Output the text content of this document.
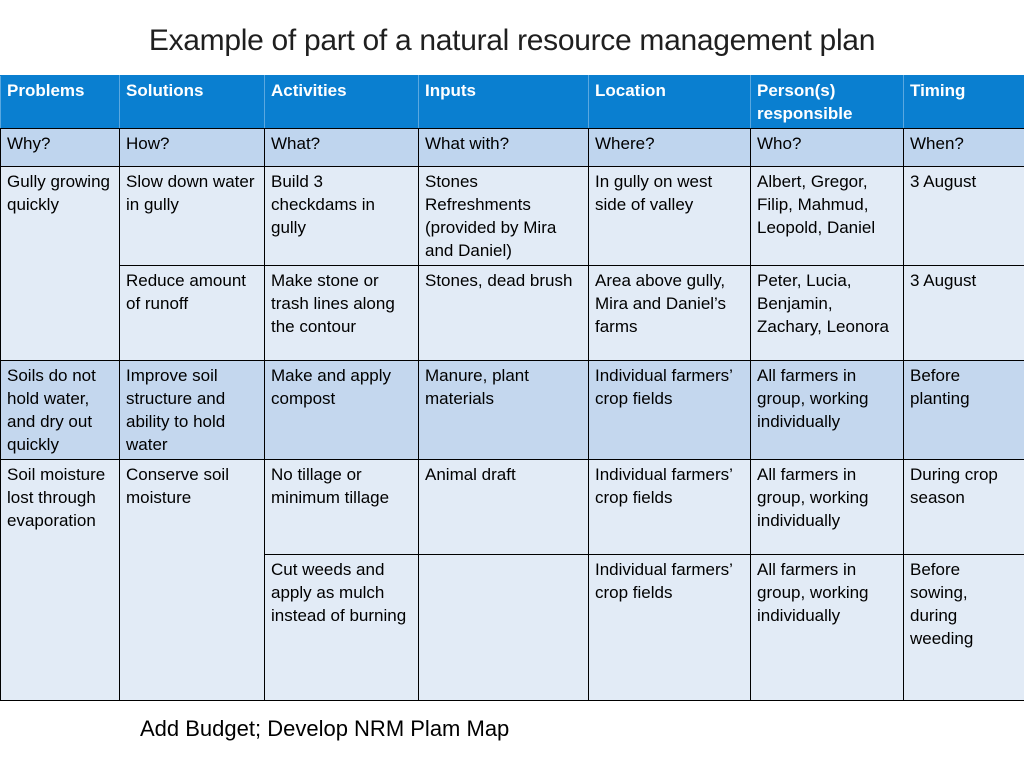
Example of part of a natural resource management plan
Problems	Solutions	Activities	Inputs	Location	Person(s) responsible	Timing
Why?	How?	What?	What with?	Where?	Who?	When?
Gully growing quickly	Slow down water in gully	Build 3 checkdams in gully	Stones Refreshments (provided by Mira and Daniel)	In gully on west side of valley	Albert, Gregor, Filip, Mahmud, Leopold, Daniel	3 August
	Reduce amount of runoff	Make stone or trash lines along the contour	Stones, dead brush	Area above gully, Mira and Daniel’s farms	Peter, Lucia, Benjamin, Zachary, Leonora	3 August
Soils do not hold water, and dry out quickly	Improve soil structure and ability to hold water	Make and apply compost	Manure, plant materials	Individual farmers’ crop fields	All farmers in group, working individually	Before planting
Soil moisture lost through evaporation	Conserve soil moisture	No tillage or minimum tillage	Animal draft	Individual farmers’ crop fields	All farmers in group, working individually	During crop season
		Cut weeds and apply as mulch instead of burning		Individual farmers’ crop fields	All farmers in group, working individually	Before sowing, during weeding
Add Budget; Develop NRM Plam Map
